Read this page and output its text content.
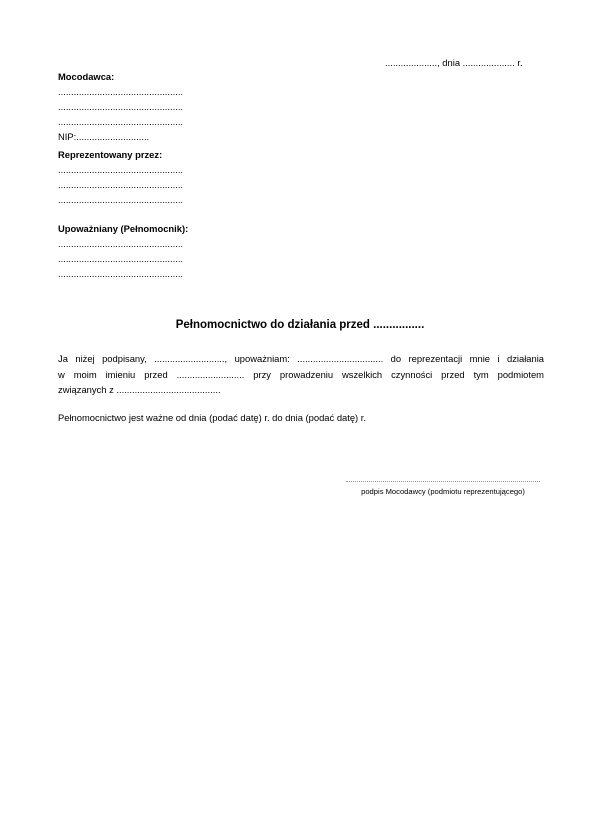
...................., dnia .................... r.
Mocodawca:
................................................
................................................
................................................
NIP:............................
Reprezentowany przez:
................................................
................................................
................................................
Upoważniany (Pełnomocnik):
................................................
................................................
................................................
Pełnomocnictwo do działania przed ................
Ja niżej podpisany, ..........................., upoważniam: ................................. do reprezentacji mnie i działania
w moim imieniu przed .......................... przy prowadzeniu wszelkich czynności przed tym podmiotem
związanych z ........................................
Pełnomocnictwo jest ważne od dnia (podać datę) r. do dnia (podać datę) r.
podpis Mocodawcy (podmiotu reprezentującego)
